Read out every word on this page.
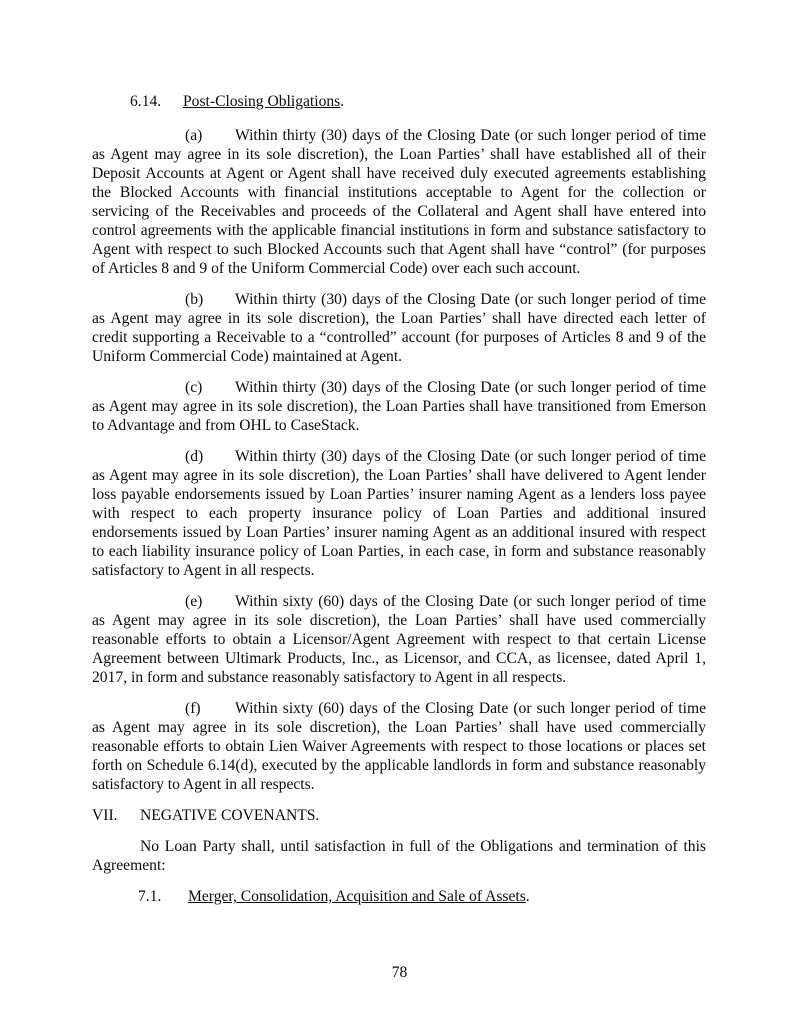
6.14. Post-Closing Obligations.

(a) Within thirty (30) days of the Closing Date (or such longer period of time as Agent may agree in its sole discretion), the Loan Parties’ shall have established all of their Deposit Accounts at Agent or Agent shall have received duly executed agreements establishing the Blocked Accounts with financial institutions acceptable to Agent for the collection or servicing of the Receivables and proceeds of the Collateral and Agent shall have entered into control agreements with the applicable financial institutions in form and substance satisfactory to Agent with respect to such Blocked Accounts such that Agent shall have “control” (for purposes of Articles 8 and 9 of the Uniform Commercial Code) over each such account.

(b) Within thirty (30) days of the Closing Date (or such longer period of time as Agent may agree in its sole discretion), the Loan Parties’ shall have directed each letter of credit supporting a Receivable to a “controlled” account (for purposes of Articles 8 and 9 of the Uniform Commercial Code) maintained at Agent.

(c) Within thirty (30) days of the Closing Date (or such longer period of time as Agent may agree in its sole discretion), the Loan Parties shall have transitioned from Emerson to Advantage and from OHL to CaseStack.

(d) Within thirty (30) days of the Closing Date (or such longer period of time as Agent may agree in its sole discretion), the Loan Parties’ shall have delivered to Agent lender loss payable endorsements issued by Loan Parties’ insurer naming Agent as a lenders loss payee with respect to each property insurance policy of Loan Parties and additional insured endorsements issued by Loan Parties’ insurer naming Agent as an additional insured with respect to each liability insurance policy of Loan Parties, in each case, in form and substance reasonably satisfactory to Agent in all respects.

(e) Within sixty (60) days of the Closing Date (or such longer period of time as Agent may agree in its sole discretion), the Loan Parties’ shall have used commercially reasonable efforts to obtain a Licensor/Agent Agreement with respect to that certain License Agreement between Ultimark Products, Inc., as Licensor, and CCA, as licensee, dated April 1, 2017, in form and substance reasonably satisfactory to Agent in all respects.

(f) Within sixty (60) days of the Closing Date (or such longer period of time as Agent may agree in its sole discretion), the Loan Parties’ shall have used commercially reasonable efforts to obtain Lien Waiver Agreements with respect to those locations or places set forth on Schedule 6.14(d), executed by the applicable landlords in form and substance reasonably satisfactory to Agent in all respects.

VII. NEGATIVE COVENANTS.

No Loan Party shall, until satisfaction in full of the Obligations and termination of this Agreement:

7.1. Merger, Consolidation, Acquisition and Sale of Assets.

78
